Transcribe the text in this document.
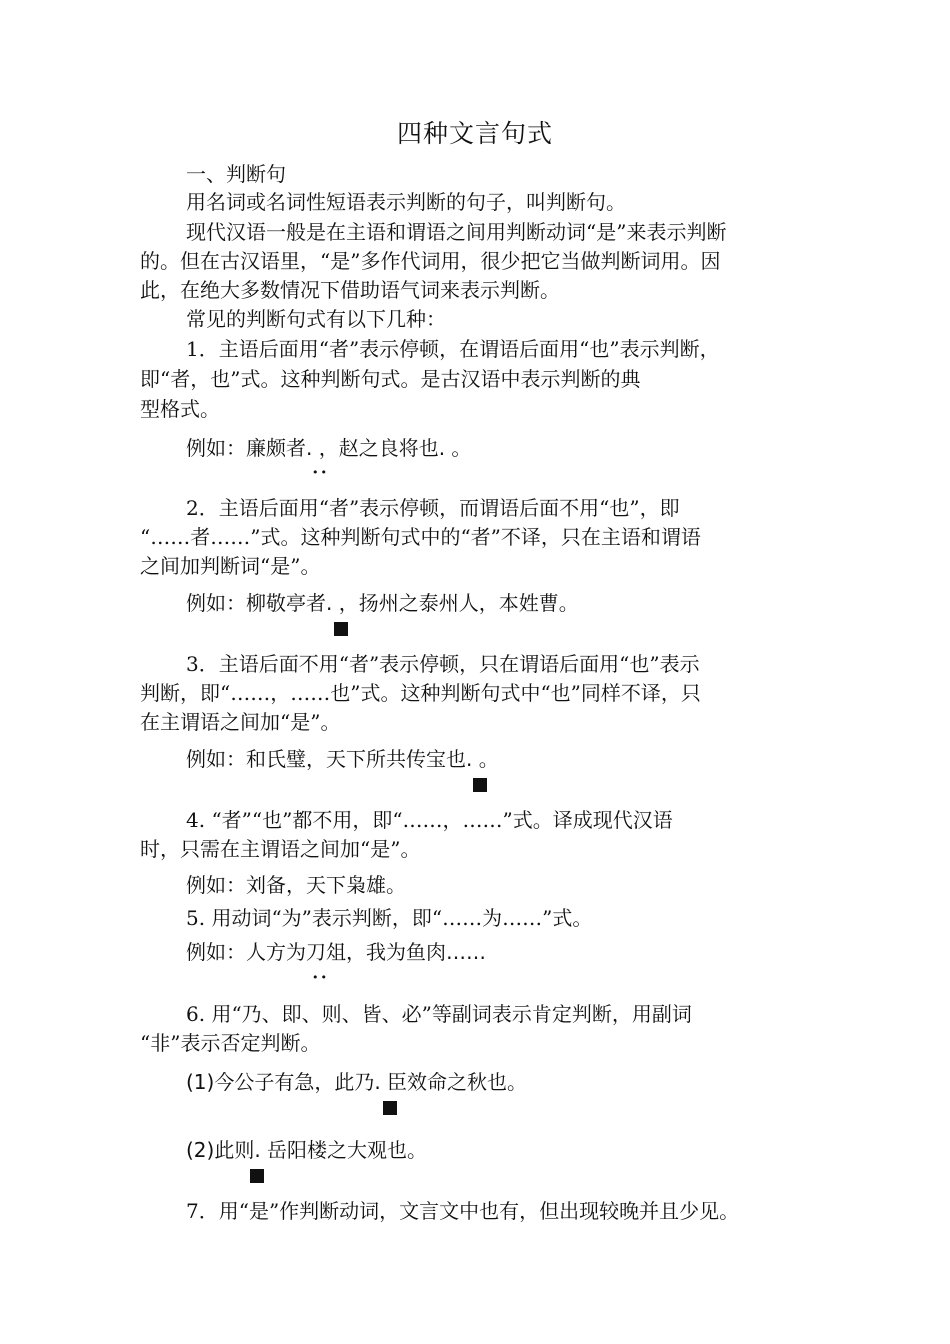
四种文言句式
一、判断句
用名词或名词性短语表示判断的句子，叫判断句。
现代汉语一般是在主语和谓语之间用判断动词“是”来表示判断
的。但在古汉语里，“是”多作代词用，很少把它当做判断词用。因
此，在绝大多数情况下借助语气词来表示判断。
常见的判断句式有以下几种：
1．主语后面用“者”表示停顿，在谓语后面用“也”表示判断，
即“者，也”式。这种判断句式。是古汉语中表示判断的典
型格式。
例如：廉颇者. ，赵之良将也. 。
••
2．主语后面用“者”表示停顿，而谓语后面不用“也”，即
“……者……”式。这种判断句式中的“者”不译，只在主语和谓语
之间加判断词“是”。
例如：柳敬亭者. ，扬州之泰州人，本姓曹。
3．主语后面不用“者”表示停顿，只在谓语后面用“也”表示
判断，即“……，……也”式。这种判断句式中“也”同样不译，只
在主谓语之间加“是”。
例如：和氏璧，天下所共传宝也. 。
4. “者”“也”都不用，即“……，……”式。译成现代汉语
时，只需在主谓语之间加“是”。
例如：刘备，天下枭雄。
5. 用动词“为”表示判断，即“……为……”式。
例如：人方为刀俎，我为鱼肉……
••
6. 用“乃、即、则、皆、必”等副词表示肯定判断，用副词
“非”表示否定判断。
(1)今公子有急，此乃. 臣效命之秋也。
(2)此则. 岳阳楼之大观也。
7．用“是”作判断动词，文言文中也有，但出现较晚并且少见。
